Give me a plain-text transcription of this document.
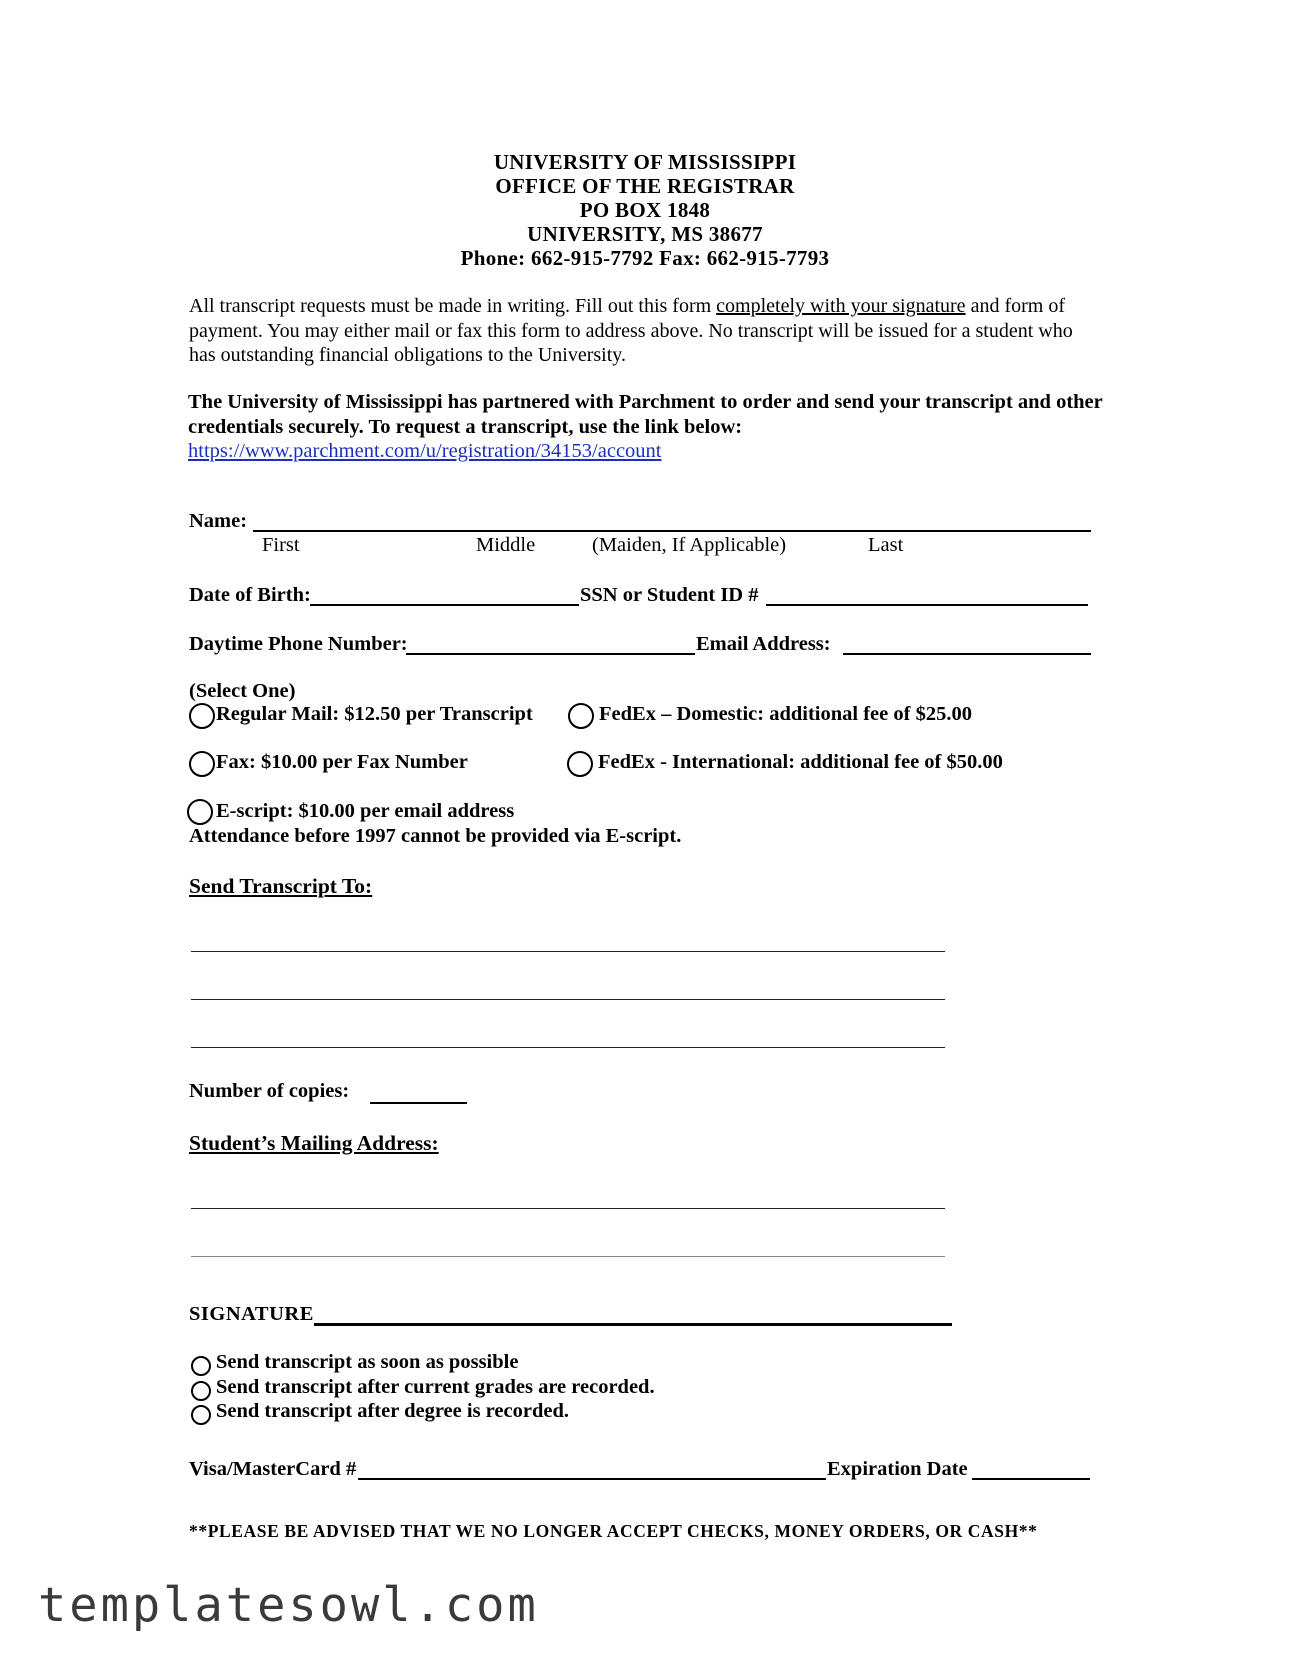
UNIVERSITY OF MISSISSIPPI
OFFICE OF THE REGISTRAR
PO BOX 1848
UNIVERSITY, MS 38677
Phone: 662-915-7792 Fax: 662-915-7793
All transcript requests must be made in writing. Fill out this form completely with your signature and form of payment. You may either mail or fax this form to address above. No transcript will be issued for a student who has outstanding financial obligations to the University.
The University of Mississippi has partnered with Parchment to order and send your transcript and other credentials securely. To request a transcript, use the link below:
https://www.parchment.com/u/registration/34153/account
Name:
First	Middle	(Maiden, If Applicable)	Last
Date of Birth:	SSN or Student ID #
Daytime Phone Number:	Email Address:
(Select One)
Regular Mail: $12.50 per Transcript	FedEx – Domestic: additional fee of $25.00
Fax: $10.00 per Fax Number	FedEx - International: additional fee of $50.00
E-script: $10.00 per email address
Attendance before 1997 cannot be provided via E-script.
Send Transcript To:
Number of copies:
Student’s Mailing Address:
SIGNATURE
Send transcript as soon as possible
Send transcript after current grades are recorded.
Send transcript after degree is recorded.
Visa/MasterCard #	Expiration Date
**PLEASE BE ADVISED THAT WE NO LONGER ACCEPT CHECKS, MONEY ORDERS, OR CASH**
templatesowl.com
